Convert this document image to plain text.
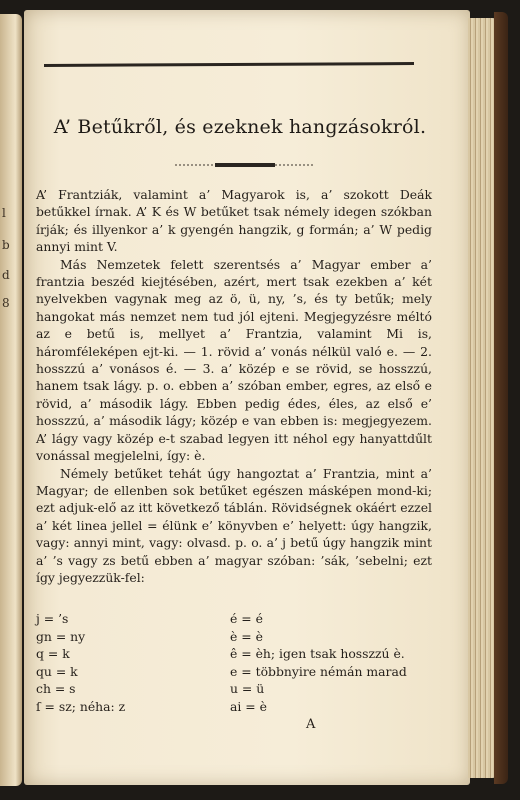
l
b
d
8
A’ Betűkről, és ezeknek hangzásokról.

A’ Frantziák, valamint a’ Magyarok is, a’ szokott Deák betűkkel írnak. A’ K és W betűket tsak némely idegen szókban írják; és illyenkor a’ k gyengén hangzik, g formán; a’ W pedig annyi mint V.

Más Nemzetek felett szerentsés a’ Magyar ember a’ frantzia beszéd kiejtésében, azért, mert tsak ezekben a’ két nyelvekben vagynak meg az ö, ü, ny, ’s, és ty betűk; mely hangokat más nemzet nem tud jól ejteni. Megjegyzésre méltó az e betű is, mellyet a’ Frantzia, valamint Mi is, háromféleképen ejt-ki. — 1. rövid a’ vonás nélkül való e. — 2. hosszzú a’ vonásos é. — 3. a’ közép e se rövid, se hosszzú, hanem tsak lágy. p. o. ebben a’ szóban ember, egres, az első e rövid, a’ második lágy. Ebben pedig édes, éles, az első e’ hosszzú, a’ második lágy; közép e van ebben is: megjegyezem. A’ lágy vagy közép e-t szabad legyen itt néhol egy hanyattdűlt vonással megjelelni, így: è.

Némely betűket tehát úgy hangoztat a’ Frantzia, mint a’ Magyar; de ellenben sok betűket egészen másképen mond-ki; ezt adjuk-elő az itt következő táblán. Rövidségnek okáért ezzel a’ két linea jellel = élünk e’ könyvben e’ helyett: úgy hangzik, vagy: annyi mint, vagy: olvasd. p. o. a’ j betű úgy hangzik mint a’ ’s vagy zs betű ebben a’ magyar szóban: ’sák, ’sebelni; ezt így jegyezzük-fel:

j = ’s
gn = ny
q = k
qu = k
ch = s
ſ = sz; néha: z
é = é
è = è
ê = èh; igen tsak hosszzú è.
e = többnyire némán marad
u = ü
ai = è
A
